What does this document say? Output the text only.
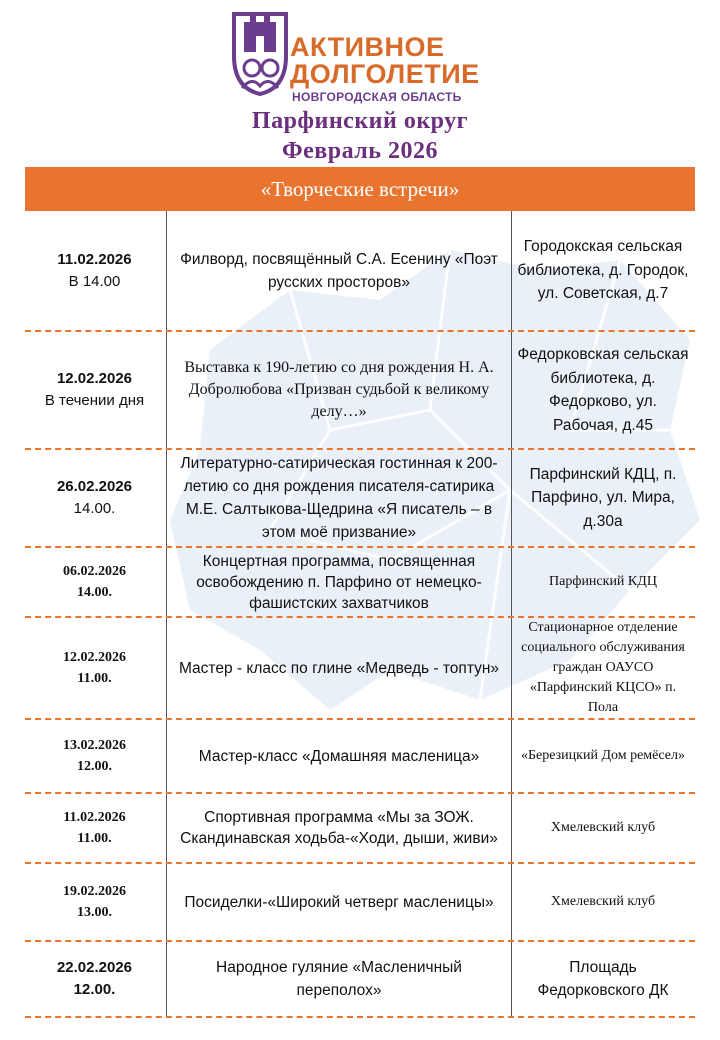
АКТИВНОЕ
ДОЛГОЛЕТИЕ
НОВГОРОДСКАЯ ОБЛАСТЬ
Парфинский округ
Февраль 2026
«Творческие встречи»
11.02.2026
В 14.00
Филворд, посвящённый С.А. Есенину «Поэт русских просторов»
Городокская сельская библиотека, д. Городок, ул. Советская, д.7
12.02.2026
В течении дня
Выставка к 190-летию со дня рождения Н. А. Добролюбова «Призван судьбой к великому делу…»
Федорковская сельская библиотека, д. Федорково, ул. Рабочая, д.45
26.02.2026
14.00.
Литературно-сатирическая гостинная к 200-летию со дня рождения писателя-сатирика М.Е. Салтыкова-Щедрина «Я писатель – в этом моё призвание»
Парфинский КДЦ, п. Парфино, ул. Мира, д.30а
06.02.2026
14.00.
Концертная программа, посвященная освобождению п. Парфино от немецко-фашистских захватчиков
Парфинский КДЦ
12.02.2026
11.00.
Мастер - класс по глине «Медведь - топтун»
Стационарное отделение социального обслуживания граждан ОАУСО «Парфинский КЦСО» п. Пола
13.02.2026
12.00.
Мастер-класс «Домашняя масленица»	«Березицкий Дом ремёсел»
11.02.2026
11.00.
Спортивная программа «Мы за ЗОЖ. Скандинавская ходьба-«Ходи, дыши, живи»
Хмелевский клуб
19.02.2026
13.00.
Посиделки-«Широкий четверг масленицы»	Хмелевский клуб
22.02.2026
12.00.
Народное гуляние «Масленичный переполох»
Площадь Федорковского ДК
